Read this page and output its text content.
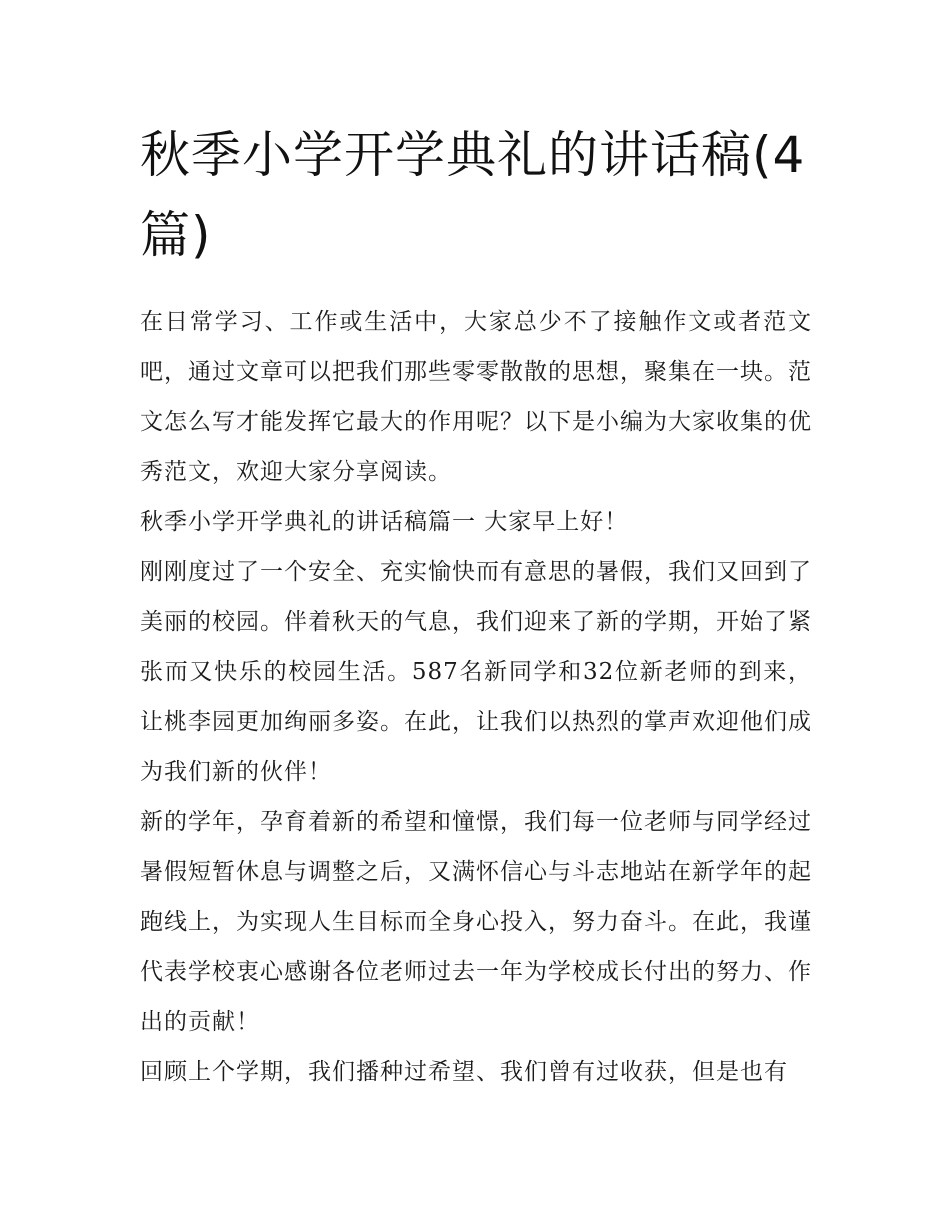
秋季小学开学典礼的讲话稿(4篇)

在日常学习、工作或生活中，大家总少不了接触作文或者范文吧，通过文章可以把我们那些零零散散的思想，聚集在一块。范文怎么写才能发挥它最大的作用呢？以下是小编为大家收集的优秀范文，欢迎大家分享阅读。

秋季小学开学典礼的讲话稿篇一 大家早上好！

刚刚度过了一个安全、充实愉快而有意思的暑假，我们又回到了美丽的校园。伴着秋天的气息，我们迎来了新的学期，开始了紧张而又快乐的校园生活。587名新同学和32位新老师的到来，让桃李园更加绚丽多姿。在此，让我们以热烈的掌声欢迎他们成为我们新的伙伴！

新的学年，孕育着新的希望和憧憬，我们每一位老师与同学经过暑假短暂休息与调整之后，又满怀信心与斗志地站在新学年的起跑线上，为实现人生目标而全身心投入，努力奋斗。在此，我谨代表学校衷心感谢各位老师过去一年为学校成长付出的努力、作出的贡献！

回顾上个学期，我们播种过希望、我们曾有过收获，但是也有
